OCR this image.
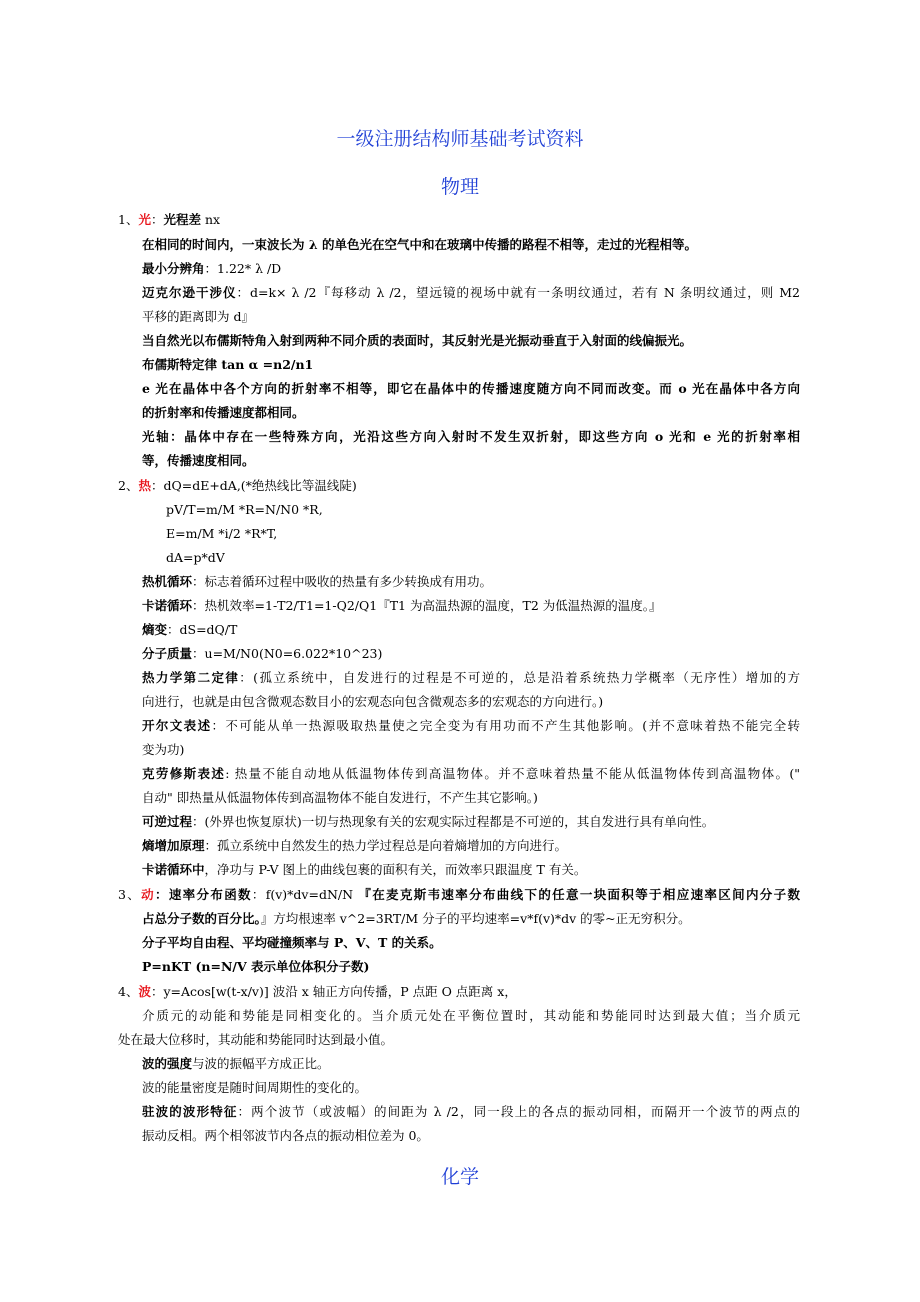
一级注册结构师基础考试资料
物理
1、光：光程差 nx
在相同的时间内，一束波长为 λ 的单色光在空气中和在玻璃中传播的路程不相等，走过的光程相等。
最小分辨角：1.22* λ /D
迈克尔逊干涉仪：d=k× λ /2『每移动 λ /2，望远镜的视场中就有一条明纹通过，若有 N 条明纹通过，则 M2
平移的距离即为 d』
当自然光以布儒斯特角入射到两种不同介质的表面时，其反射光是光振动垂直于入射面的线偏振光。
布儒斯特定律 tan α =n2/n1
e 光在晶体中各个方向的折射率不相等，即它在晶体中的传播速度随方向不同而改变。而 o 光在晶体中各方向
的折射率和传播速度都相同。
光轴：晶体中存在一些特殊方向，光沿这些方向入射时不发生双折射，即这些方向 o 光和 e 光的折射率相
等，传播速度相同。
2、热：dQ=dE+dA,(*绝热线比等温线陡)
pV/T=m/M *R=N/N0 *R,
E=m/M *i/2 *R*T,
dA=p*dV
热机循环：标志着循环过程中吸收的热量有多少转换成有用功。
卡诺循环：热机效率=1-T2/T1=1-Q2/Q1『T1 为高温热源的温度，T2 为低温热源的温度。』
熵变：dS=dQ/T
分子质量：u=M/N0(N0=6.022*10^23)
热力学第二定律：(孤立系统中，自发进行的过程是不可逆的，总是沿着系统热力学概率（无序性）增加的方
向进行，也就是由包含微观态数目小的宏观态向包含微观态多的宏观态的方向进行。)
开尔文表述：不可能从单一热源吸取热量使之完全变为有用功而不产生其他影响。(并不意味着热不能完全转
变为功)
克劳修斯表述: 热量不能自动地从低温物体传到高温物体。并不意味着热量不能从低温物体传到高温物体。("
自动" 即热量从低温物体传到高温物体不能自发进行，不产生其它影响。)
可逆过程：(外界也恢复原状)一切与热现象有关的宏观实际过程都是不可逆的，其自发进行具有单向性。
熵增加原理：孤立系统中自然发生的热力学过程总是向着熵增加的方向进行。
卡诺循环中，净功与 P-V 图上的曲线包裹的面积有关，而效率只跟温度 T 有关。
3、动：速率分布函数：f(v)*dv=dN/N 『在麦克斯韦速率分布曲线下的任意一块面积等于相应速率区间内分子数
占总分子数的百分比。』方均根速率 v^2=3RT/M 分子的平均速率=v*f(v)*dv 的零~正无穷积分。
分子平均自由程、平均碰撞频率与 P、V、T 的关系。
P=nKT (n=N/V 表示单位体积分子数)
4、波：y=Acos[w(t-x/v)] 波沿 x 轴正方向传播，P 点距 O 点距离 x，
介质元的动能和势能是同相变化的。当介质元处在平衡位置时，其动能和势能同时达到最大值；当介质元
处在最大位移时，其动能和势能同时达到最小值。
波的强度与波的振幅平方成正比。
波的能量密度是随时间周期性的变化的。
驻波的波形特征：两个波节（或波幅）的间距为 λ /2，同一段上的各点的振动同相，而隔开一个波节的两点的
振动反相。两个相邻波节内各点的振动相位差为 0。
化学
